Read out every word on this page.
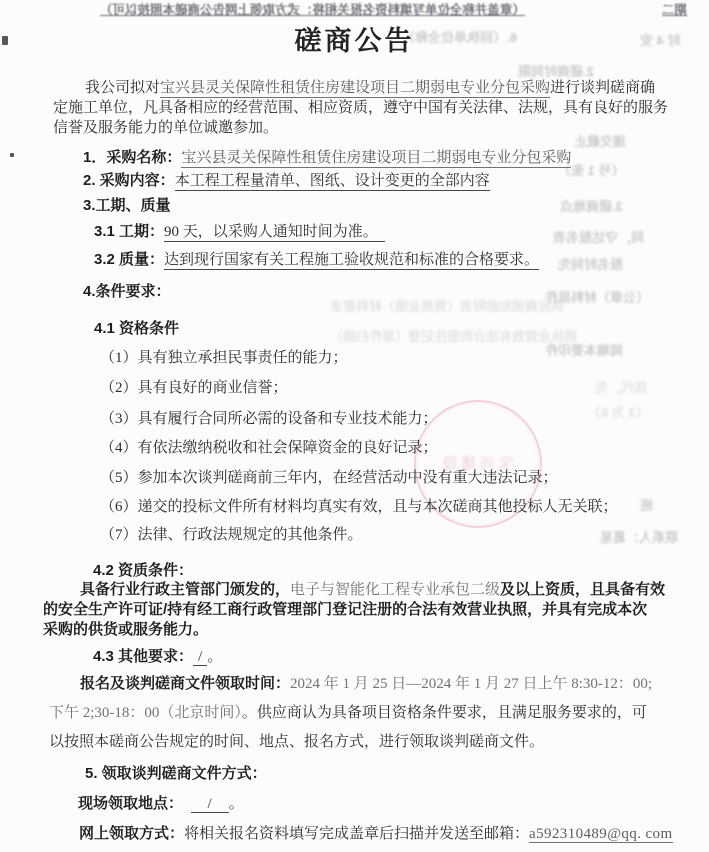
磋商公告
（章盖并称全位单写填料资名报关相将：式方取领上网告公商磋本照按以可）	期二
6.（回执单位全称）	时 4 安
2.磋商时间限
递交截止
（号 1 张）
3.磋商地点
间，守达报名表
报名时间先
（公章）材料原件
供应商须知前附表（资质业绩）材料要求
照执业营效有法合的册注记登（原件扫描）
阅端本要印件
法代，先
（3 为 6）
班
联系人：葛星
宝 兴 建 设
我公司拟对宝兴县灵关保障性租赁住房建设项目二期弱电专业分包采购进行谈判磋商确
定施工单位，凡具备相应的经营范围、相应资质，遵守中国有关法律、法规，具有良好的服务
信誉及服务能力的单位诚邀参加。
1．采购名称：宝兴县灵关保障性租赁住房建设项目二期弱电专业分包采购
2. 采购内容：本工程工程量清单、图纸、设计变更的全部内容
3.工期、质量
3.1 工期：90 天，以采购人通知时间为准。　
3.2 质量：达到现行国家有关工程施工验收规范和标准的合格要求。
4.条件要求：
4.1 资格条件
（1）具有独立承担民事责任的能力；
（2）具有良好的商业信誉；
（3）具有履行合同所必需的设备和专业技术能力；
（4）有依法缴纳税收和社会保障资金的良好记录；
（5）参加本次谈判磋商前三年内，在经营活动中没有重大违法记录；
（6）递交的投标文件所有材料均真实有效，且与本次磋商其他投标人无关联；
（7）法律、行政法规规定的其他条件。
4.2 资质条件：
具备行业行政主管部门颁发的，电子与智能化工程专业承包二级及以上资质，且具备有效
的安全生产许可证/持有经工商行政管理部门登记注册的合法有效营业执照，并具有完成本次
采购的供货或服务能力。
4.3 其他要求： / 。
报名及谈判磋商文件领取时间：2024 年 1 月 25 日—2024 年 1 月 27 日上午 8:30-12：00;
下午 2;30-18：00（北京时间）。供应商认为具备项目资格条件要求，且满足服务要求的，可
以按照本磋商公告规定的时间、地点、报名方式，进行领取谈判磋商文件。
5. 领取谈判磋商文件方式：
现场领取地点：　 / 。
网上领取方式：将相关报名资料填写完成盖章后扫描并发送至邮箱：a592310489@qq. com
